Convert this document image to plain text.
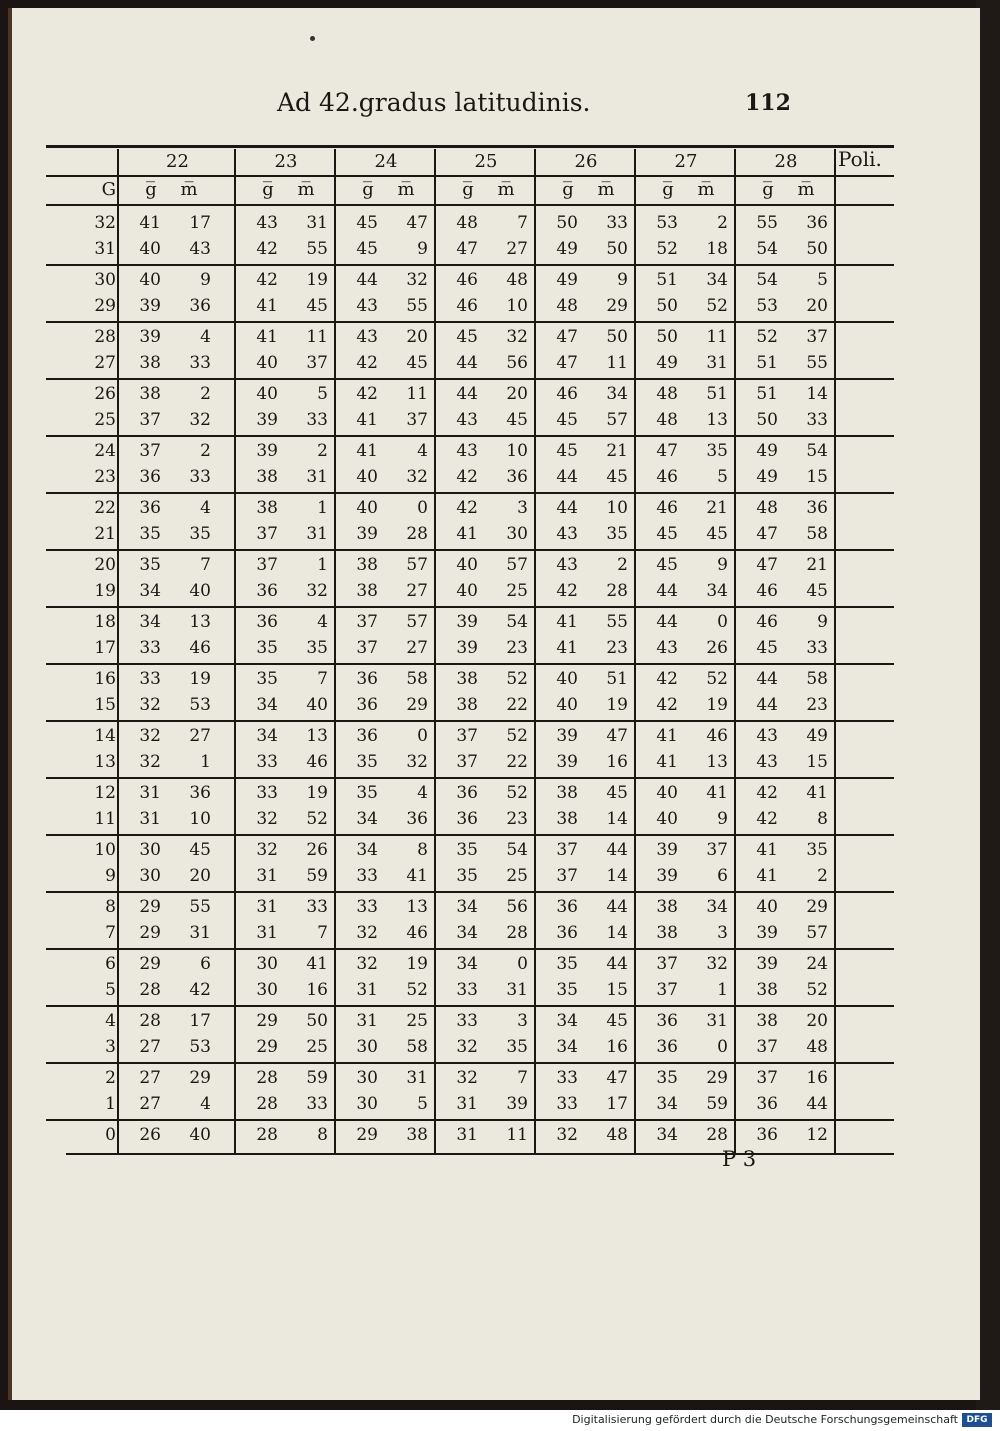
Ad 42.gradus latitudinis.	112
22	23	24	25	26	27	28	Poli.
G	g̅	m̅	g̅	m̅	g̅	m̅	g̅	m̅	g̅	m̅	g̅	m̅	g̅	m̅
32	41	17	43	31	45	47	48	7	50	33	53	2	55	36
31	40	43	42	55	45	9	47	27	49	50	52	18	54	50
30	40	9	42	19	44	32	46	48	49	9	51	34	54	5
29	39	36	41	45	43	55	46	10	48	29	50	52	53	20
28	39	4	41	11	43	20	45	32	47	50	50	11	52	37
27	38	33	40	37	42	45	44	56	47	11	49	31	51	55
26	38	2	40	5	42	11	44	20	46	34	48	51	51	14
25	37	32	39	33	41	37	43	45	45	57	48	13	50	33
24	37	2	39	2	41	4	43	10	45	21	47	35	49	54
23	36	33	38	31	40	32	42	36	44	45	46	5	49	15
22	36	4	38	1	40	0	42	3	44	10	46	21	48	36
21	35	35	37	31	39	28	41	30	43	35	45	45	47	58
20	35	7	37	1	38	57	40	57	43	2	45	9	47	21
19	34	40	36	32	38	27	40	25	42	28	44	34	46	45
18	34	13	36	4	37	57	39	54	41	55	44	0	46	9
17	33	46	35	35	37	27	39	23	41	23	43	26	45	33
16	33	19	35	7	36	58	38	52	40	51	42	52	44	58
15	32	53	34	40	36	29	38	22	40	19	42	19	44	23
14	32	27	34	13	36	0	37	52	39	47	41	46	43	49
13	32	1	33	46	35	32	37	22	39	16	41	13	43	15
12	31	36	33	19	35	4	36	52	38	45	40	41	42	41
11	31	10	32	52	34	36	36	23	38	14	40	9	42	8
10	30	45	32	26	34	8	35	54	37	44	39	37	41	35
9	30	20	31	59	33	41	35	25	37	14	39	6	41	2
8	29	55	31	33	33	13	34	56	36	44	38	34	40	29
7	29	31	31	7	32	46	34	28	36	14	38	3	39	57
6	29	6	30	41	32	19	34	0	35	44	37	32	39	24
5	28	42	30	16	31	52	33	31	35	15	37	1	38	52
4	28	17	29	50	31	25	33	3	34	45	36	31	38	20
3	27	53	29	25	30	58	32	35	34	16	36	0	37	48
2	27	29	28	59	30	31	32	7	33	47	35	29	37	16
1	27	4	28	33	30	5	31	39	33	17	34	59	36	44
0	26	40	28	8	29	38	31	11	32	48	34	28	36	12
P 3
Digitalisierung gefördert durch die Deutsche Forschungsgemeinschaft DFG
